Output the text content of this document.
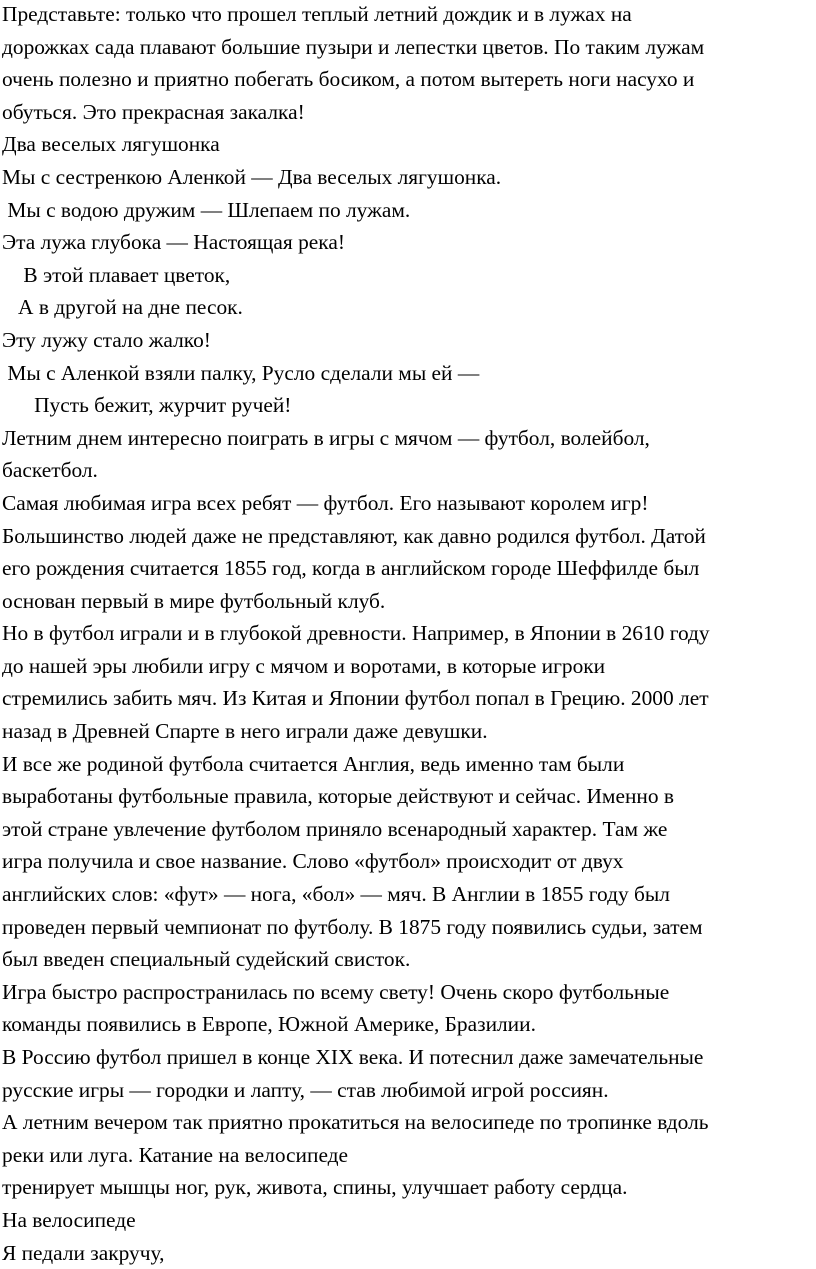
Представьте: только что прошел теплый летний дождик и в лужах на
дорожках сада плавают большие пузыри и лепестки цветов. По таким лужам
очень полезно и приятно побегать босиком, а потом вытереть ноги насухо и
обуться. Это прекрасная закалка!
Два веселых лягушонка
Мы с сестренкою Аленкой — Два веселых лягушонка.
Мы с водою дружим — Шлепаем по лужам.
Эта лужа глубока — Настоящая река!
В этой плавает цветок,
А в другой на дне песок.
Эту лужу стало жалко!
Мы с Аленкой взяли палку, Русло сделали мы ей —
Пусть бежит, журчит ручей!
Летним днем интересно поиграть в игры с мячом — футбол, волейбол,
баскетбол.
Самая любимая игра всех ребят — футбол. Его называют королем игр!
Большинство людей даже не представляют, как давно родился футбол. Датой
его рождения считается 1855 год, когда в английском городе Шеффилде был
основан первый в мире футбольный клуб.
Но в футбол играли и в глубокой древности. Например, в Японии в 2610 году
до нашей эры любили игру с мячом и воротами, в которые игроки
стремились забить мяч. Из Китая и Японии футбол попал в Грецию. 2000 лет
назад в Древней Спарте в него играли даже девушки.
И все же родиной футбола считается Англия, ведь именно там были
выработаны футбольные правила, которые действуют и сейчас. Именно в
этой стране увлечение футболом приняло всенародный характер. Там же
игра получила и свое название. Слово «футбол» происходит от двух
английских слов: «фут» — нога, «бол» — мяч. В Англии в 1855 году был
проведен первый чемпионат по футболу. В 1875 году появились судьи, затем
был введен специальный судейский свисток.
Игра быстро распространилась по всему свету! Очень скоро футбольные
команды появились в Европе, Южной Америке, Бразилии.
В Россию футбол пришел в конце XIX века. И потеснил даже замечательные
русские игры — городки и лапту, — став любимой игрой россиян.
А летним вечером так приятно прокатиться на велосипеде по тропинке вдоль
реки или луга. Катание на велосипеде
тренирует мышцы ног, рук, живота, спины, улучшает работу сердца.
На велосипеде
Я педали закручу,
